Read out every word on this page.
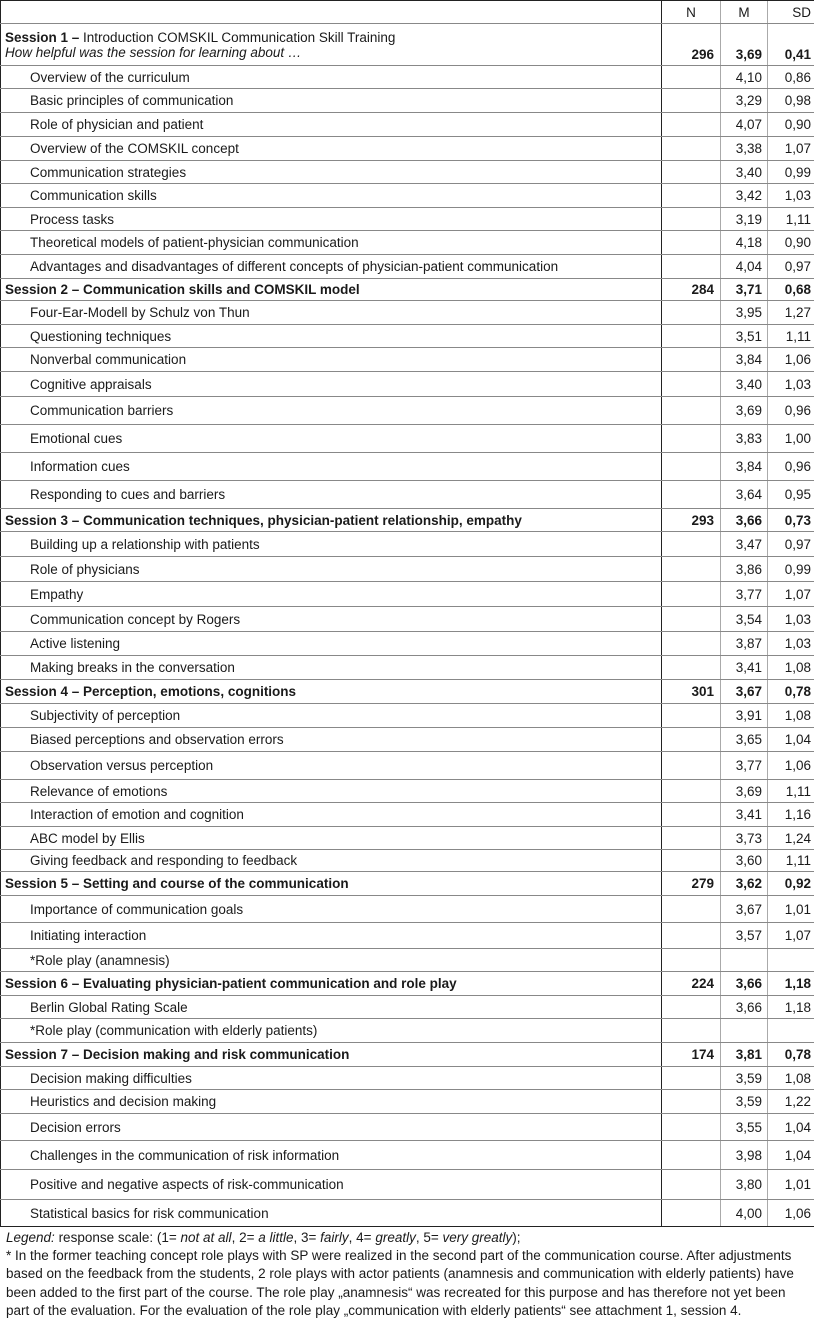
	N	M	SD
Session 1 – Introduction COMSKIL Communication Skill Training
How helpful was the session for learning about …	296	3,69	0,41
Overview of the curriculum		4,10	0,86
Basic principles of communication		3,29	0,98
Role of physician and patient		4,07	0,90
Overview of the COMSKIL concept		3,38	1,07
Communication strategies		3,40	0,99
Communication skills		3,42	1,03
Process tasks		3,19	1,11
Theoretical models of patient-physician communication		4,18	0,90
Advantages and disadvantages of different concepts of physician-patient communication		4,04	0,97
Session 2 – Communication skills and COMSKIL model	284	3,71	0,68
Four-Ear-Modell by Schulz von Thun		3,95	1,27
Questioning techniques		3,51	1,11
Nonverbal communication		3,84	1,06
Cognitive appraisals		3,40	1,03
Communication barriers		3,69	0,96
Emotional cues		3,83	1,00
Information cues		3,84	0,96
Responding to cues and barriers		3,64	0,95
Session 3 – Communication techniques, physician-patient relationship, empathy	293	3,66	0,73
Building up a relationship with patients		3,47	0,97
Role of physicians		3,86	0,99
Empathy		3,77	1,07
Communication concept by Rogers		3,54	1,03
Active listening		3,87	1,03
Making breaks in the conversation		3,41	1,08
Session 4 – Perception, emotions, cognitions	301	3,67	0,78
Subjectivity of perception		3,91	1,08
Biased perceptions and observation errors		3,65	1,04
Observation versus perception		3,77	1,06
Relevance of emotions		3,69	1,11
Interaction of emotion and cognition		3,41	1,16
ABC model by Ellis		3,73	1,24
Giving feedback and responding to feedback		3,60	1,11
Session 5 – Setting and course of the communication	279	3,62	0,92
Importance of communication goals		3,67	1,01
Initiating interaction		3,57	1,07
*Role play (anamnesis)			
Session 6 – Evaluating physician-patient communication and role play	224	3,66	1,18
Berlin Global Rating Scale		3,66	1,18
*Role play (communication with elderly patients)			
Session 7 – Decision making and risk communication	174	3,81	0,78
Decision making difficulties		3,59	1,08
Heuristics and decision making		3,59	1,22
Decision errors		3,55	1,04
Challenges in the communication of risk information		3,98	1,04
Positive and negative aspects of risk-communication		3,80	1,01
Statistical basics for risk communication		4,00	1,06
Legend: response scale: (1= not at all, 2= a little, 3= fairly, 4= greatly, 5= very greatly);
* In the former teaching concept role plays with SP were realized in the second part of the communication course. After adjustments based on the feedback from the students, 2 role plays with actor patients (anamnesis and communication with elderly patients) have been added to the first part of the course. The role play „anamnesis“ was recreated for this purpose and has therefore not yet been part of the evaluation. For the evaluation of the role play „communication with elderly patients“ see attachment 1, session 4.
